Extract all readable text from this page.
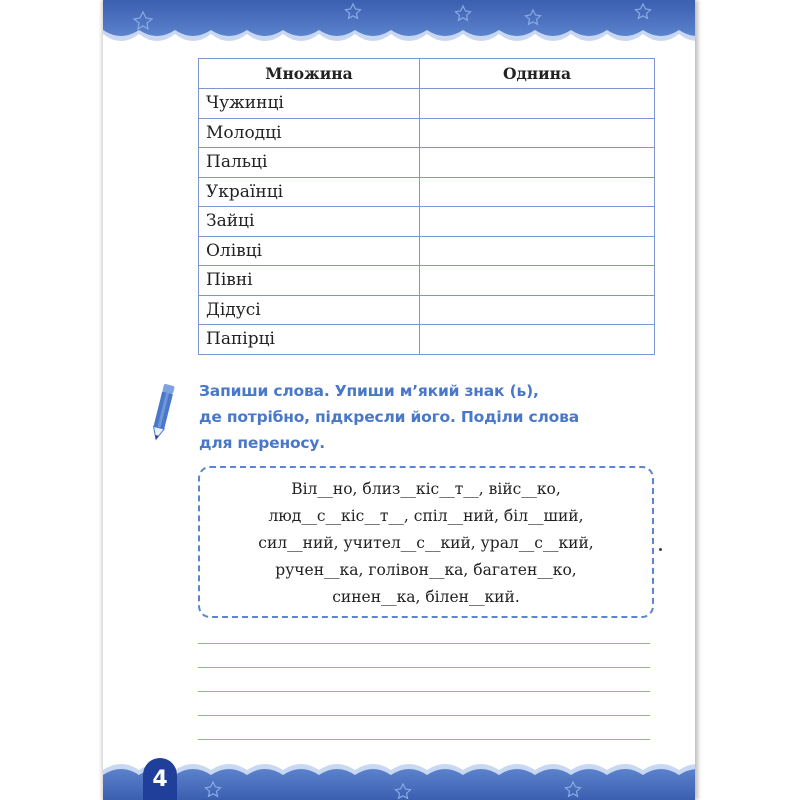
Множина	Однина
Чужинці	
Молодці	
Пальці	
Українці	
Зайці	
Олівці	
Півні	
Дідусі	
Папірці	
Запиши слова. Упиши м’який знак (ь),
де потрібно, підкресли його. Поділи слова
для переносу.
Віл__но, близ__кіс__т__, війс__ко,
люд__с__кіс__т__, спіл__ний, біл__ший,
сил__ний, учител__с__кий, урал__с__кий,
ручен__ка, голівон__ка, багатен__ко,
синен__ка, білен__кий.
4
